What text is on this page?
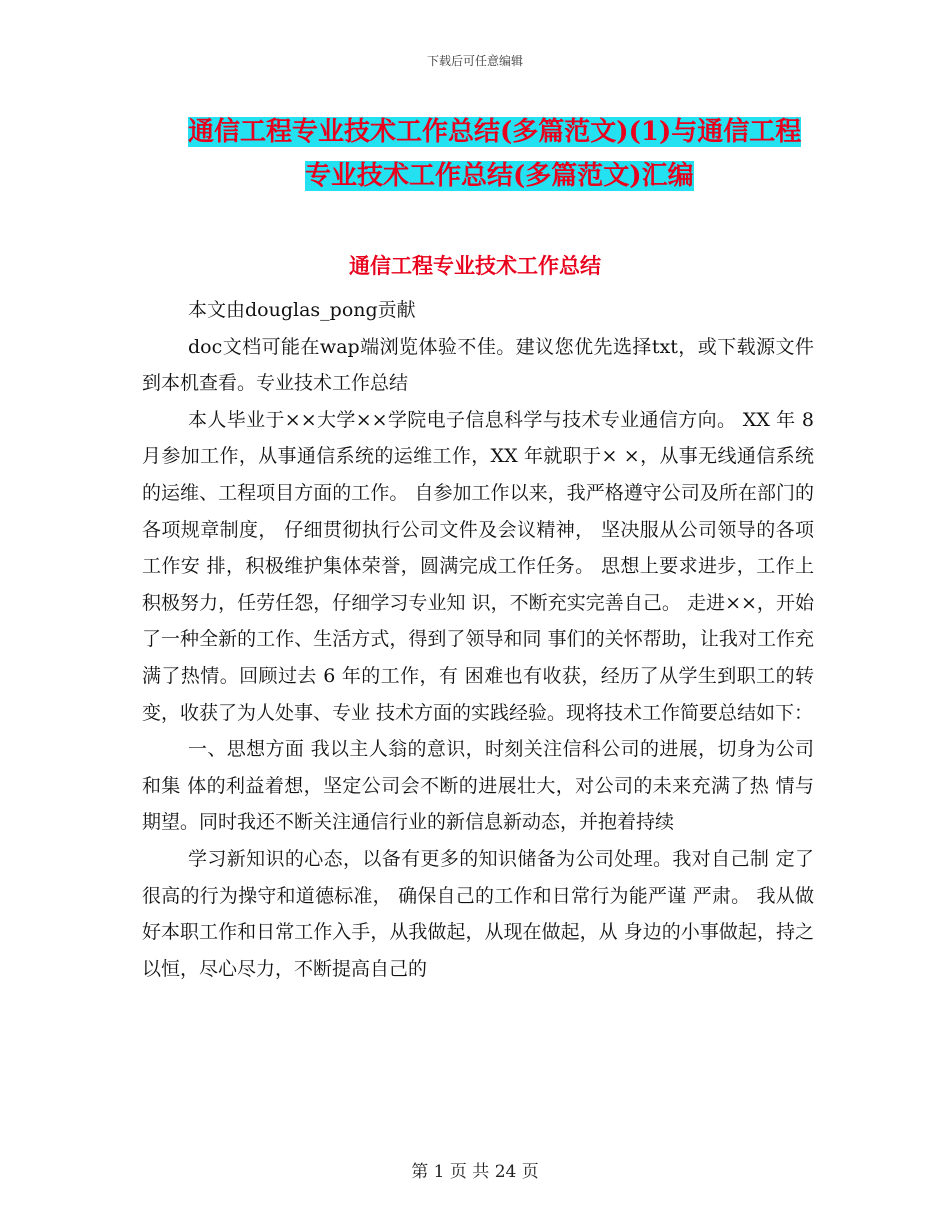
下载后可任意编辑
通信工程专业技术工作总结(多篇范文)(1)与通信工程
专业技术工作总结(多篇范文)汇编
通信工程专业技术工作总结

本文由douglas_pong贡献

doc文档可能在wap端浏览体验不佳。建议您优先选择txt，或下载源文件到本机查看。专业技术工作总结

本人毕业于××大学××学院电子信息科学与技术专业通信方向。 XX 年 8 月参加工作，从事通信系统的运维工作，XX 年就职于× ×，从事无线通信系统的运维、工程项目方面的工作。 自参加工作以来，我严格遵守公司及所在部门的各项规章制度， 仔细贯彻执行公司文件及会议精神， 坚决服从公司领导的各项工作安 排，积极维护集体荣誉，圆满完成工作任务。 思想上要求进步，工作上积极努力，任劳任怨，仔细学习专业知 识，不断充实完善自己。 走进××，开始了一种全新的工作、生活方式，得到了领导和同 事们的关怀帮助，让我对工作充满了热情。回顾过去 6 年的工作，有 困难也有收获，经历了从学生到职工的转变，收获了为人处事、专业 技术方面的实践经验。现将技术工作简要总结如下：

一、思想方面 我以主人翁的意识，时刻关注信科公司的进展，切身为公司和集 体的利益着想，坚定公司会不断的进展壮大，对公司的未来充满了热 情与期望。同时我还不断关注通信行业的新信息新动态，并抱着持续

学习新知识的心态，以备有更多的知识储备为公司处理。我对自己制 定了很高的行为操守和道德标准， 确保自己的工作和日常行为能严谨 严肃。 我从做好本职工作和日常工作入手，从我做起，从现在做起，从 身边的小事做起，持之以恒，尽心尽力，不断提高自己的

第 1 页 共 24 页
